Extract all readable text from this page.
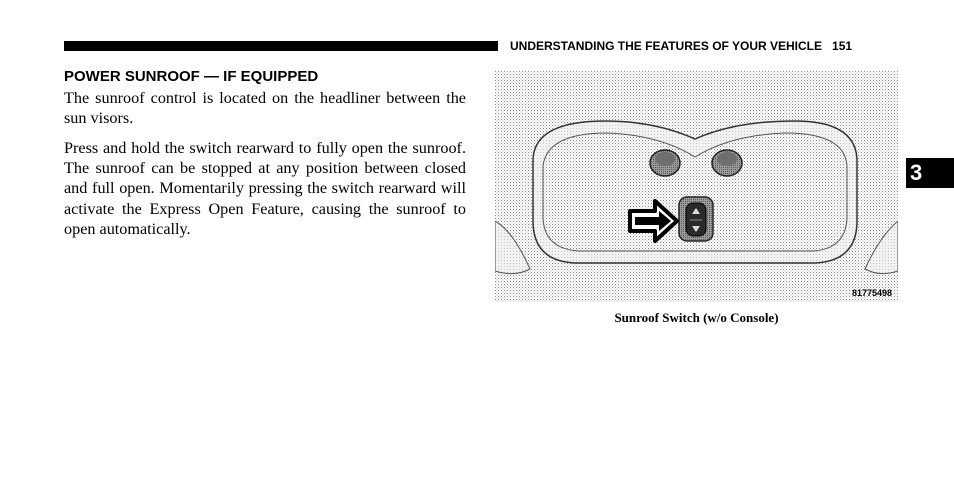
UNDERSTANDING THE FEATURES OF YOUR VEHICLE 151
3
POWER SUNROOF — IF EQUIPPED

The sunroof control is located on the headliner between the sun visors.

Press and hold the switch rearward to fully open the sunroof. The sunroof can be stopped at any position between closed and full open. Momentarily pressing the switch rearward will activate the Express Open Feature, causing the sunroof to open automatically.

81775498
Sunroof Switch (w/o Console)
